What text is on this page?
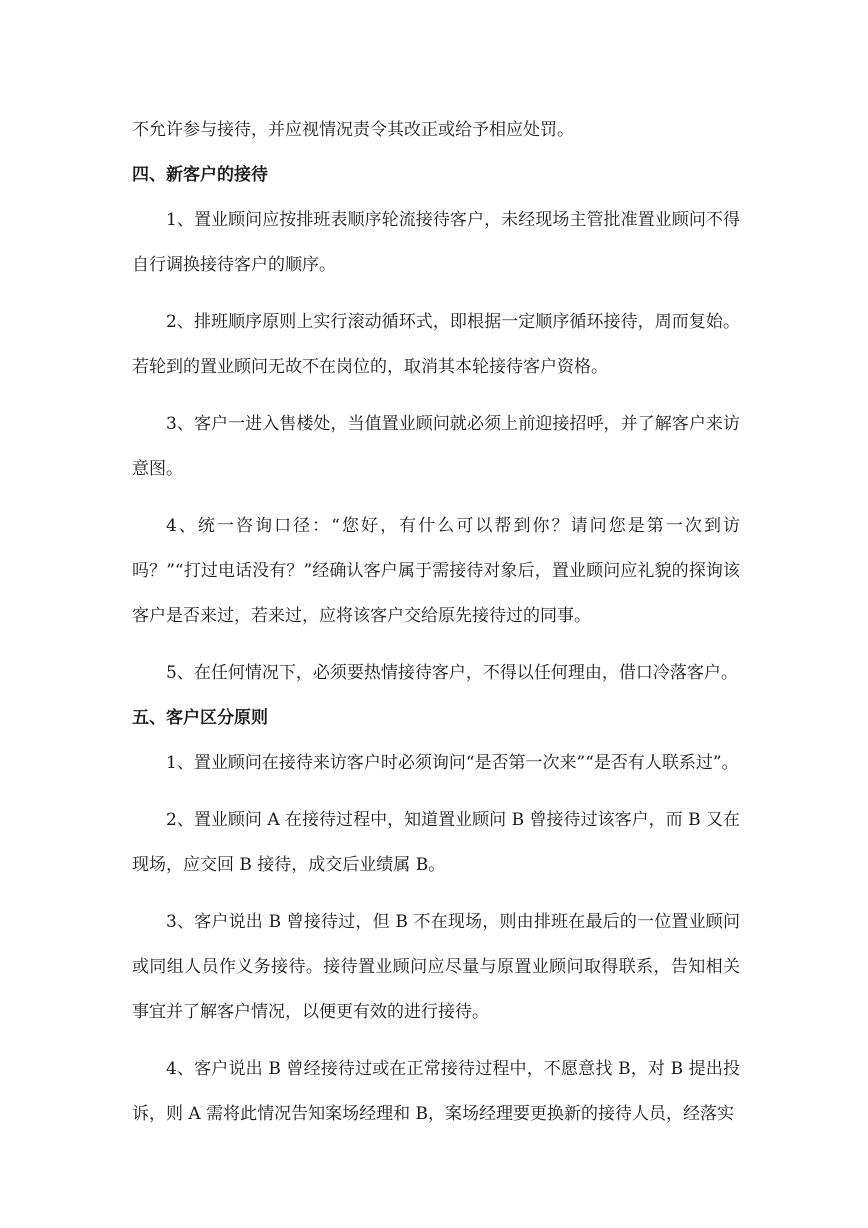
不允许参与接待，并应视情况责令其改正或给予相应处罚。

四、新客户的接待

1、置业顾问应按排班表顺序轮流接待客户，未经现场主管批准置业顾问不得自行调换接待客户的顺序。

2、排班顺序原则上实行滚动循环式，即根据一定顺序循环接待，周而复始。若轮到的置业顾问无故不在岗位的，取消其本轮接待客户资格。

3、客户一进入售楼处，当值置业顾问就必须上前迎接招呼，并了解客户来访意图。

4、统一咨询口径：“您好，有什么可以帮到你？请问您是第一次到访吗？”“打过电话没有？”经确认客户属于需接待对象后，置业顾问应礼貌的探询该客户是否来过，若来过，应将该客户交给原先接待过的同事。

5、在任何情况下，必须要热情接待客户，不得以任何理由，借口冷落客户。

五、客户区分原则

1、置业顾问在接待来访客户时必须询问“是否第一次来”“是否有人联系过”。

2、置业顾问 A 在接待过程中，知道置业顾问 B 曾接待过该客户，而 B 又在现场，应交回 B 接待，成交后业绩属 B。

3、客户说出 B 曾接待过，但 B 不在现场，则由排班在最后的一位置业顾问或同组人员作义务接待。接待置业顾问应尽量与原置业顾问取得联系，告知相关事宜并了解客户情况，以便更有效的进行接待。

4、客户说出 B 曾经接待过或在正常接待过程中，不愿意找 B，对 B 提出投诉，则 A 需将此情况告知案场经理和 B，案场经理要更换新的接待人员，经落实
